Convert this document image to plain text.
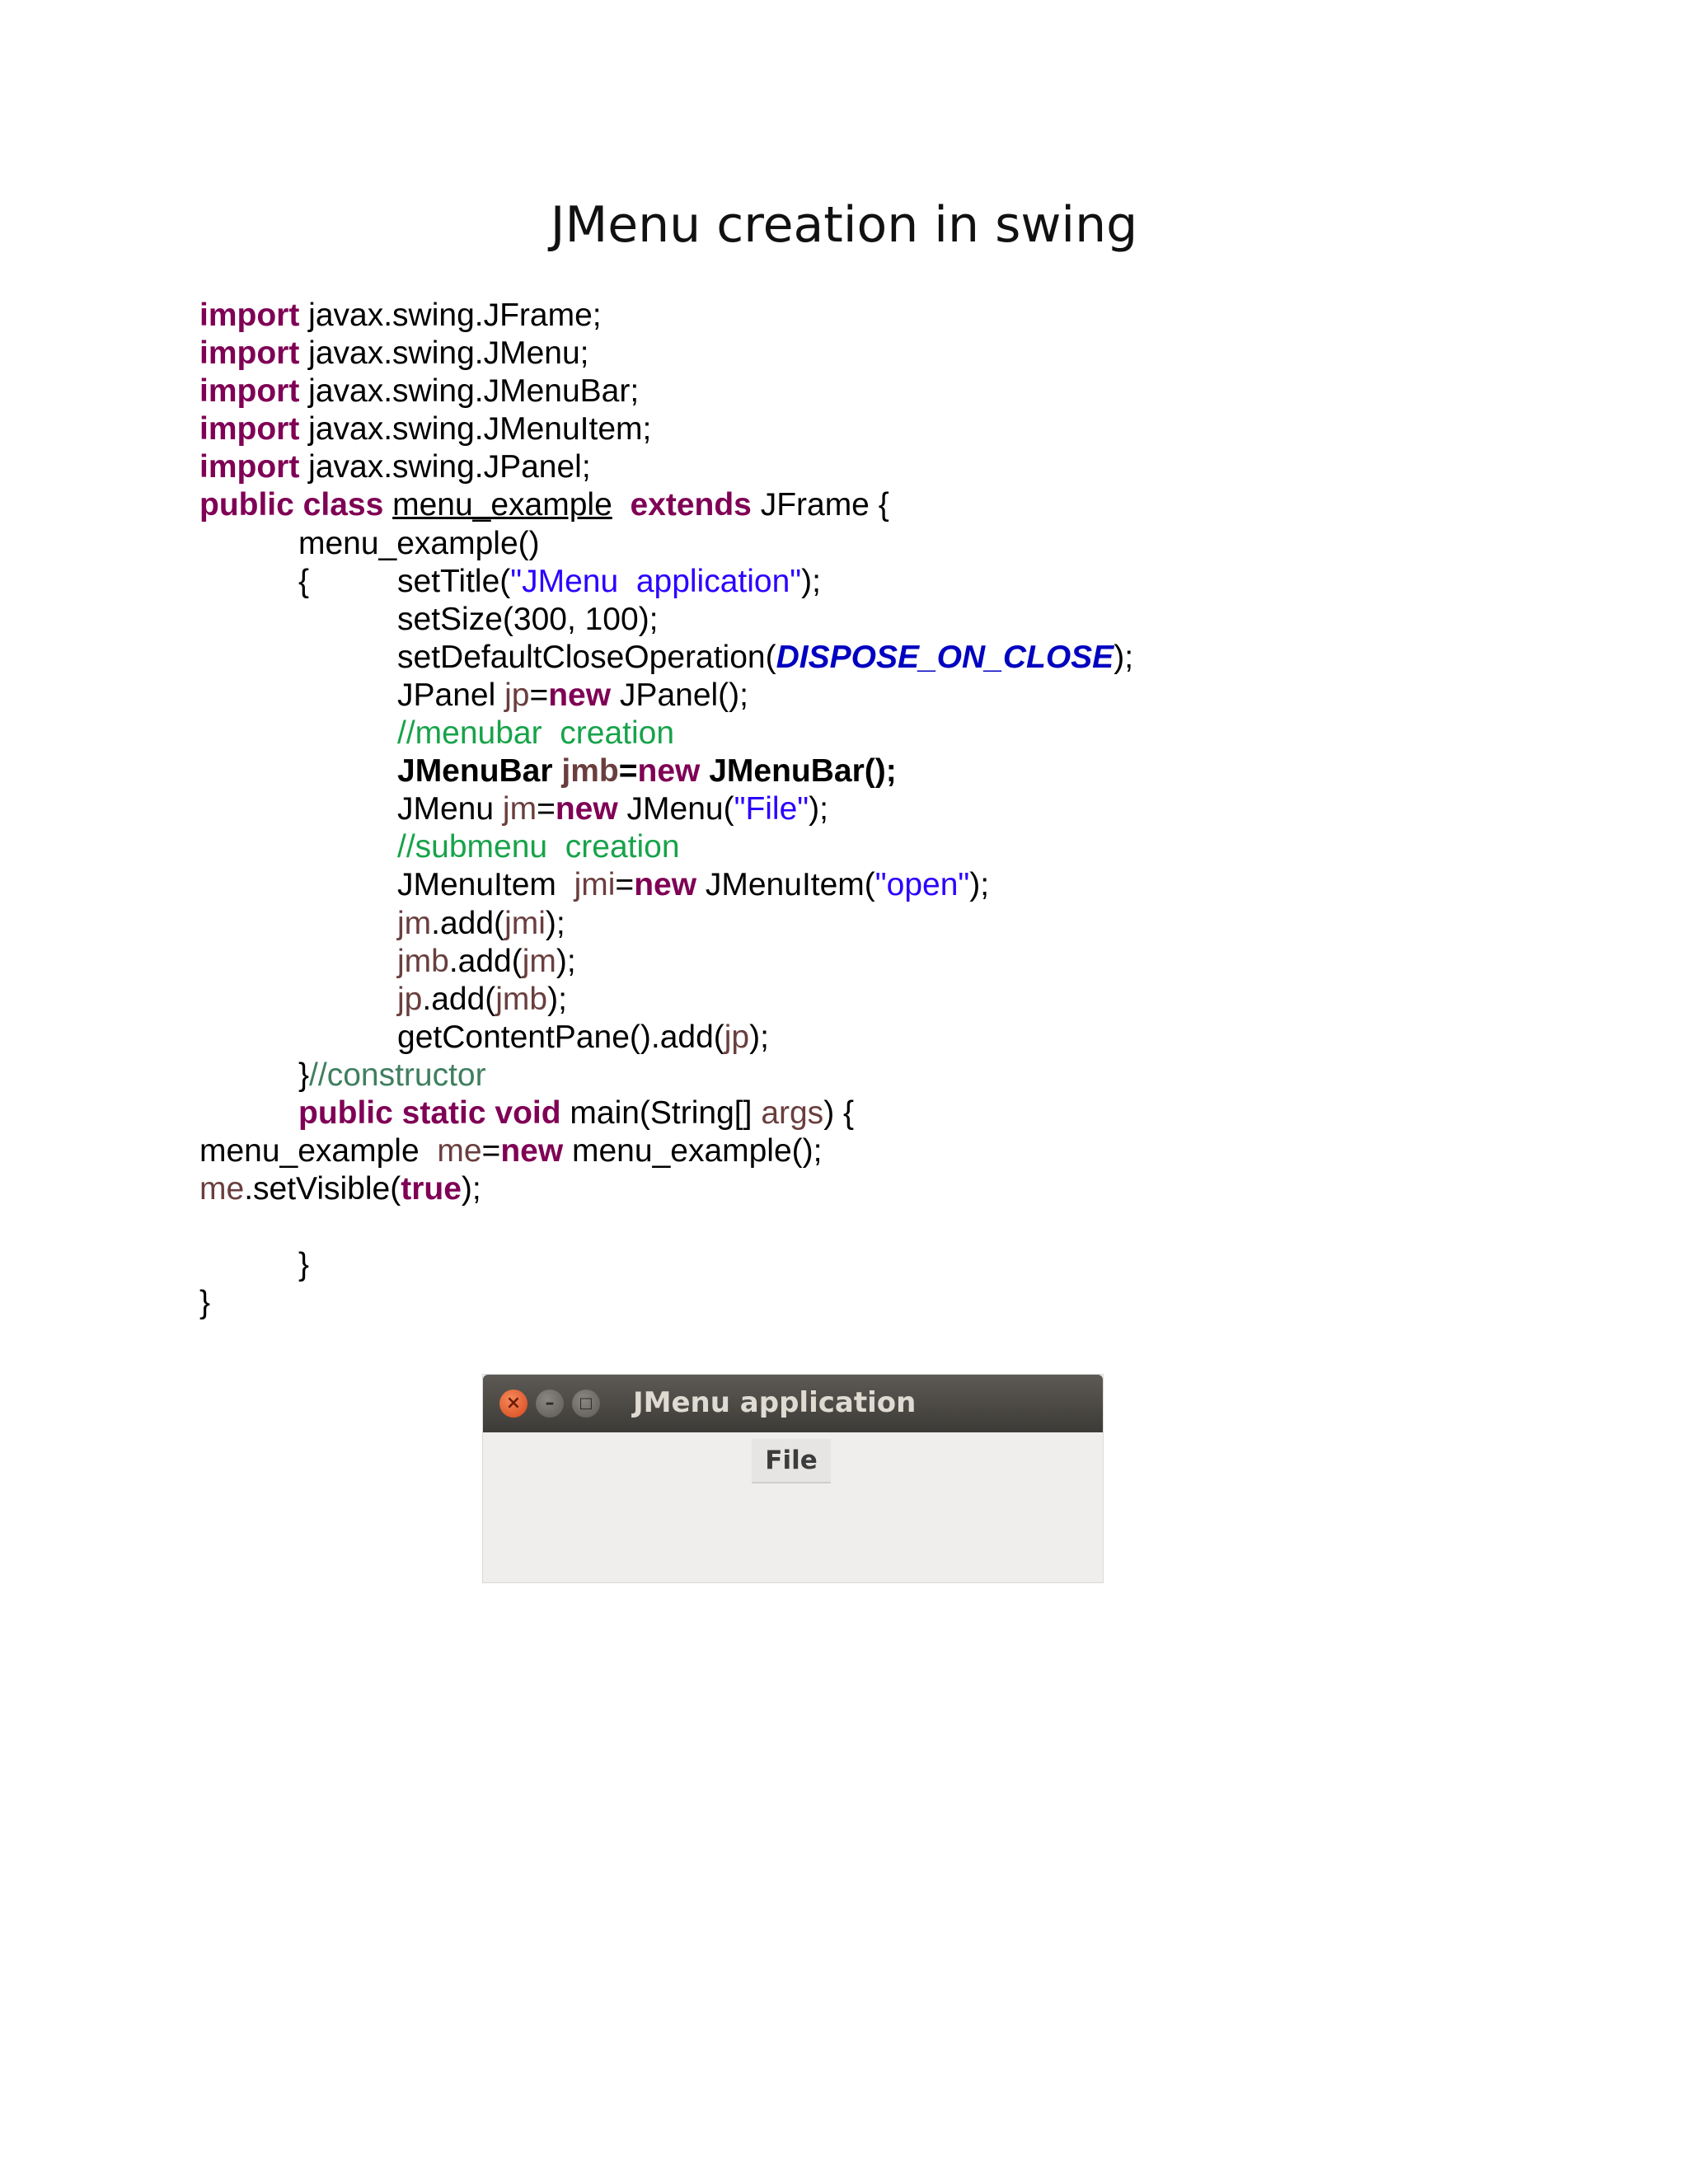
JMenu creation in swing
import javax.swing.JFrame;
import javax.swing.JMenu;
import javax.swing.JMenuBar;
import javax.swing.JMenuItem;
import javax.swing.JPanel;
public class menu_example extends JFrame {
menu_example()
{	setTitle("JMenu  application");
setSize(300, 100);
setDefaultCloseOperation(DISPOSE_ON_CLOSE);
JPanel jp=new JPanel();
//menubar  creation
JMenuBar jmb=new JMenuBar();
JMenu jm=new JMenu("File");
//submenu  creation
JMenuItem  jmi=new JMenuItem("open");
jm.add(jmi);
jmb.add(jm);
jp.add(jmb);
getContentPane().add(jp);
}//constructor
public static void main(String[] args) {
menu_example  me=new menu_example();
me.setVisible(true);
}
}
×	–	□ JMenu application
File
